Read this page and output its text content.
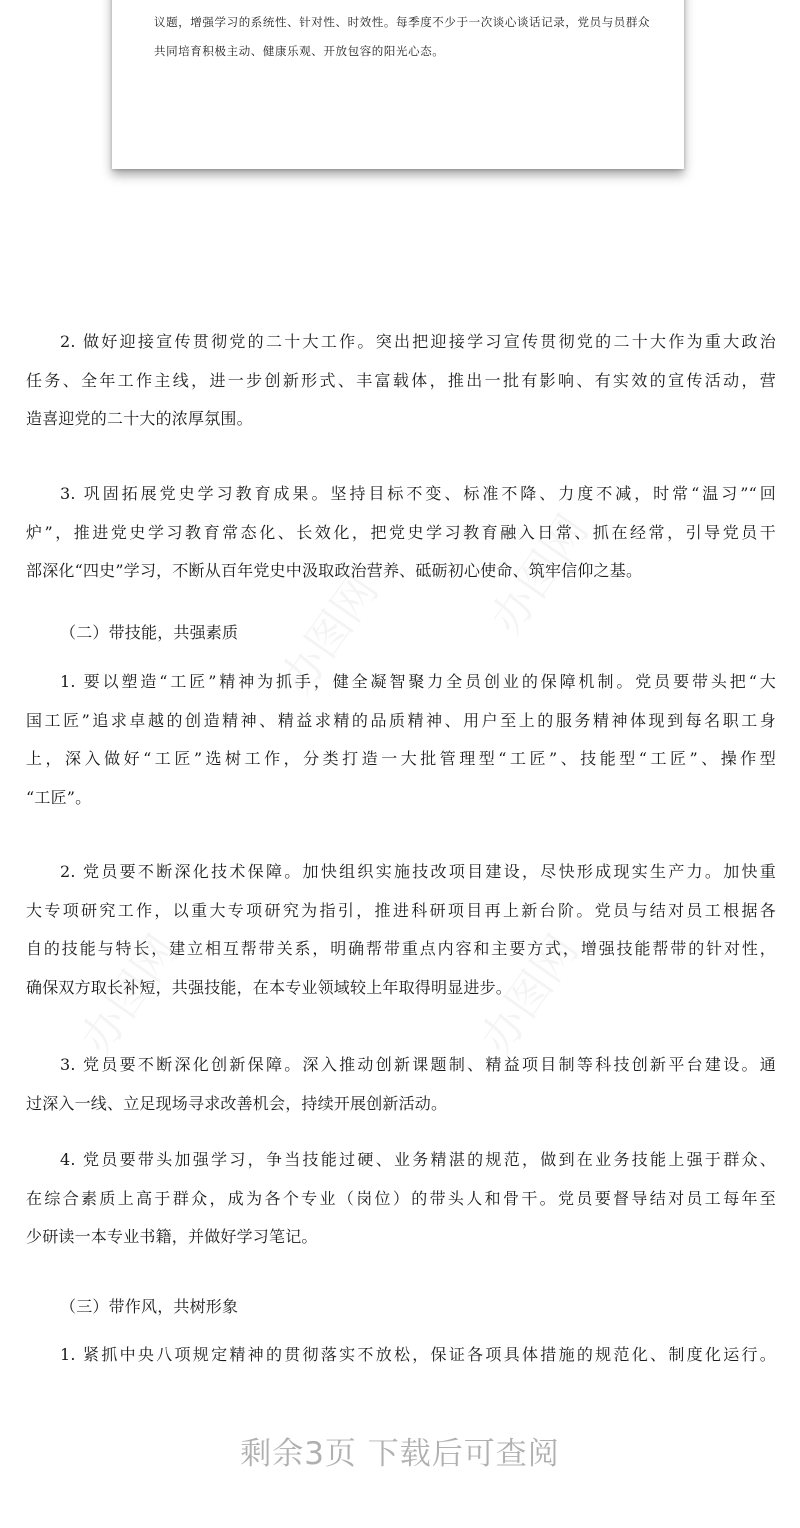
议题，增强学习的系统性、针对性、时效性。每季度不少于一次谈心谈话记录，党员与员群众
共同培育积极主动、健康乐观、开放包容的阳光心态。
2. 做好迎接宣传贯彻党的二十大工作。突出把迎接学习宣传贯彻党的二十大作为重大政治
任务、全年工作主线，进一步创新形式、丰富载体，推出一批有影响、有实效的宣传活动，营
造喜迎党的二十大的浓厚氛围。
3. 巩固拓展党史学习教育成果。坚持目标不变、标准不降、力度不减，时常“温习”“回
炉”，推进党史学习教育常态化、长效化，把党史学习教育融入日常、抓在经常，引导党员干
部深化“四史”学习，不断从百年党史中汲取政治营养、砥砺初心使命、筑牢信仰之基。
（二）带技能，共强素质
1. 要以塑造“工匠”精神为抓手，健全凝智聚力全员创业的保障机制。党员要带头把“大
国工匠”追求卓越的创造精神、精益求精的品质精神、用户至上的服务精神体现到每名职工身
上，深入做好“工匠”选树工作，分类打造一大批管理型“工匠”、技能型“工匠”、操作型
“工匠”。
2. 党员要不断深化技术保障。加快组织实施技改项目建设，尽快形成现实生产力。加快重
大专项研究工作，以重大专项研究为指引，推进科研项目再上新台阶。党员与结对员工根据各
自的技能与特长，建立相互帮带关系，明确帮带重点内容和主要方式，增强技能帮带的针对性，
确保双方取长补短，共强技能，在本专业领域较上年取得明显进步。
3. 党员要不断深化创新保障。深入推动创新课题制、精益项目制等科技创新平台建设。通
过深入一线、立足现场寻求改善机会，持续开展创新活动。
4. 党员要带头加强学习，争当技能过硬、业务精湛的规范，做到在业务技能上强于群众、
在综合素质上高于群众，成为各个专业（岗位）的带头人和骨干。党员要督导结对员工每年至
少研读一本专业书籍，并做好学习笔记。
（三）带作风，共树形象
1. 紧抓中央八项规定精神的贯彻落实不放松，保证各项具体措施的规范化、制度化运行。
剩余3页 下载后可查阅
